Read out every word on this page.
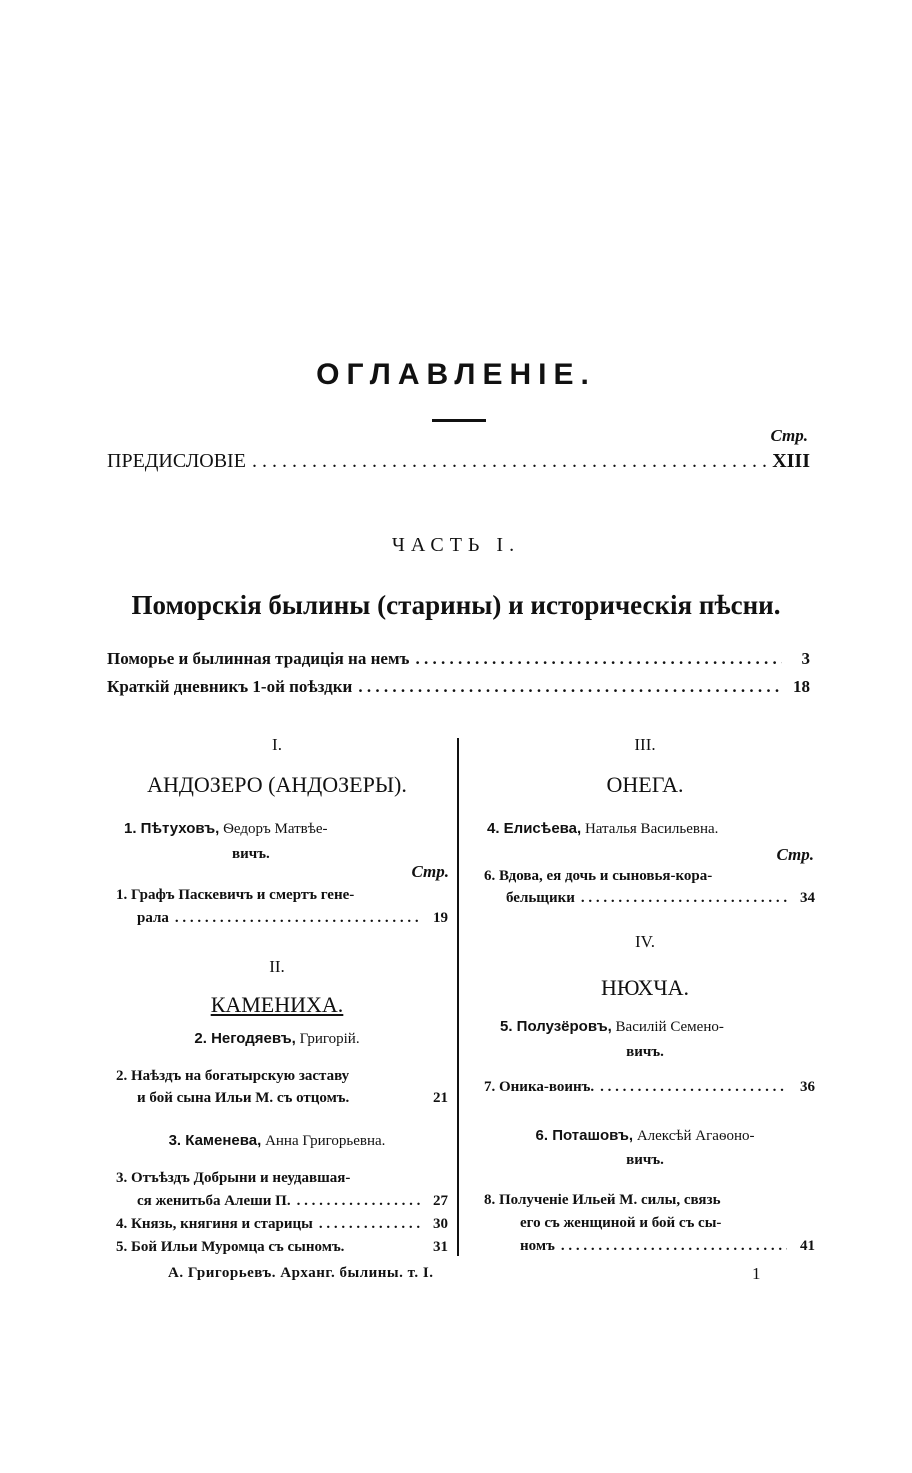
ОГЛАВЛЕНІЕ.
Стр.
ПРЕДИСЛОВІЕ . . .	XIII
ЧАСТЬ I.
Поморскія былины (старины) и историческія пѣсни.
Поморье и былинная традиція на немъ . . .	3
Краткій дневникъ 1-ой поѣздки . . .	18
I.
АНДОЗЕРО (АНДОЗЕРЫ).
1. Пѣтуховъ, Ѳедоръ Матвѣе-
вичъ.
Стр.
1. Графъ Паскевичъ и смертъ гене-
рала . . .	19
II.
КАМЕНИХА.
2. Негодяевъ, Григорій.
2. Наѣздъ на богатырскую заставу
и бой сына Ильи М. съ отцомъ.	21
3. Каменева, Анна Григорьевна.
3. Отъѣздъ Добрыни и неудавшая-
ся женитьба Алеши П. . . .	27
4. Князь, княгиня и старицы . . .	30
5. Бой Ильи Муромца съ сыномъ.	31
III.
ОНЕГА.
4. Елисѣева, Наталья Васильевна.
Стр.
6. Вдова, ея дочь и сыновья-кора-
бельщики . . .	34
IV.
НЮХЧА.
5. Полузёровъ, Василій Семено-
вичъ.
7. Оника-воинъ. . . .	36
6. Поташовъ, Алексѣй Агаѳоно-
вичъ.
8. Полученіе Ильей М. силы, связь
его съ женщиной и бой съ сы-
номъ . . .	41
А. Григорьевъ. Арханг. былины. т. I.	1
